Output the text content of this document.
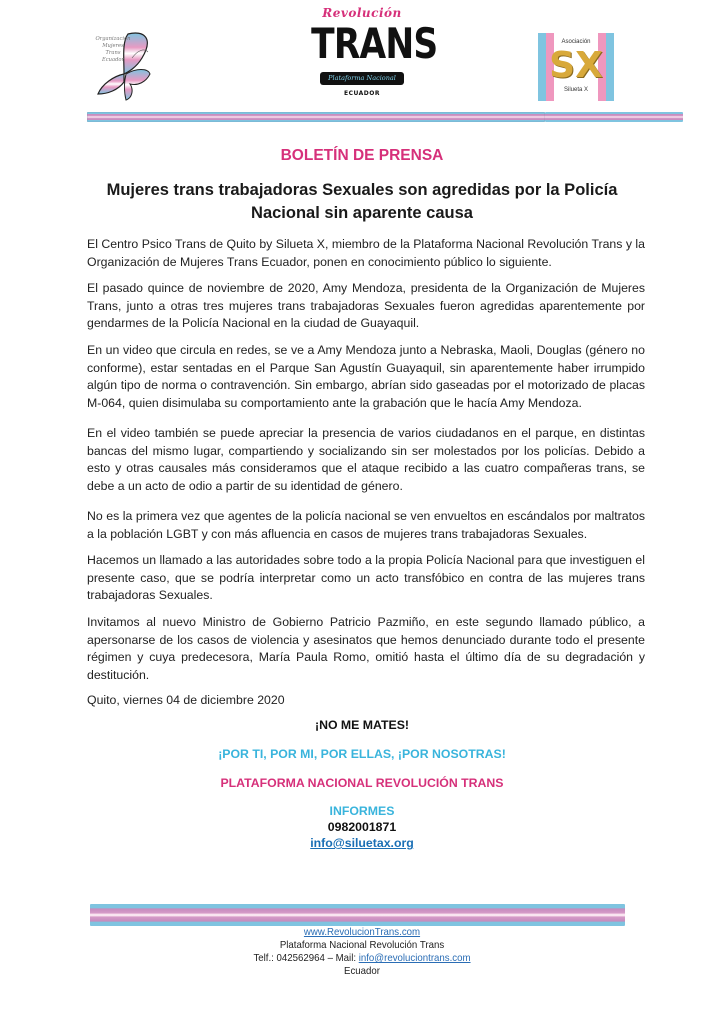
Organización
Mujeres
Trans
Ecuador
Revolución
TRANS
Plataforma Nacional
ECUADOR
Asociación
SX
Silueta X
BOLETÍN DE PRENSA
Mujeres trans trabajadoras Sexuales son agredidas por la Policía Nacional sin aparente causa

El Centro Psico Trans de Quito by Silueta X, miembro de la Plataforma Nacional Revolución Trans y la Organización de Mujeres Trans Ecuador, ponen en conocimiento público lo siguiente.

El pasado quince de noviembre de 2020, Amy Mendoza, presidenta de la Organización de Mujeres Trans, junto a otras tres mujeres trans trabajadoras Sexuales fueron agredidas aparentemente por gendarmes de la Policía Nacional en la ciudad de Guayaquil.

En un video que circula en redes, se ve a Amy Mendoza junto a Nebraska, Maoli, Douglas (género no conforme), estar sentadas en el Parque San Agustín Guayaquil, sin aparentemente haber irrumpido algún tipo de norma o contravención. Sin embargo, abrían sido gaseadas por el motorizado de placas M-064, quien disimulaba su comportamiento ante la grabación que le hacía Amy Mendoza.

En el video también se puede apreciar la presencia de varios ciudadanos en el parque, en distintas bancas del mismo lugar, compartiendo y socializando sin ser molestados por los policías. Debido a esto y otras causales más consideramos que el ataque recibido a las cuatro compañeras trans, se debe a un acto de odio a partir de su identidad de género.

No es la primera vez que agentes de la policía nacional se ven envueltos en escándalos por maltratos a la población LGBT y con más afluencia en casos de mujeres trans trabajadoras Sexuales.

Hacemos un llamado a las autoridades sobre todo a la propia Policía Nacional para que investiguen el presente caso, que se podría interpretar como un acto transfóbico en contra de las mujeres trans trabajadoras Sexuales.

Invitamos al nuevo Ministro de Gobierno Patricio Pazmiño, en este segundo llamado público, a apersonarse de los casos de violencia y asesinatos que hemos denunciado durante todo el presente régimen y cuya predecesora, María Paula Romo, omitió hasta el último día de su degradación y destitución.

Quito, viernes 04 de diciembre 2020

¡NO ME MATES!
¡POR TI, POR MI, POR ELLAS, ¡POR NOSOTRAS!
PLATAFORMA NACIONAL REVOLUCIÓN TRANS
INFORMES
0982001871
info@siluetax.org
www.RevolucionTrans.com
Plataforma Nacional Revolución Trans
Telf.: 042562964 – Mail: info@revoluciontrans.com
Ecuador
